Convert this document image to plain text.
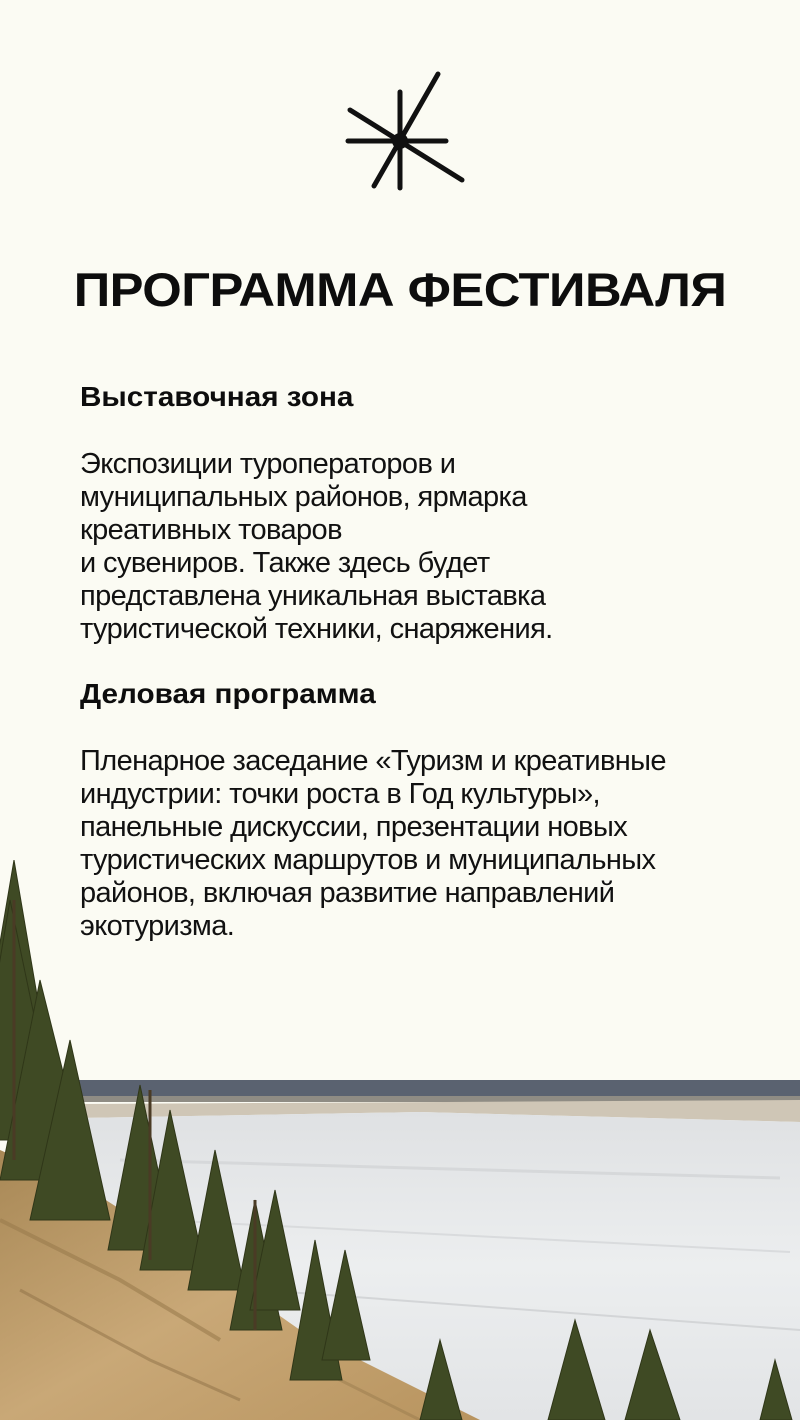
ПРОГРАММА ФЕСТИВАЛЯ
Выставочная зона

Экспозиции туроператоров и
муниципальных районов, ярмарка
креативных товаров
и сувениров. Также здесь будет
представлена уникальная выставка
туристической техники, снаряжения.

Деловая программа

Пленарное заседание «Туризм и креативные
индустрии: точки роста в Год культуры»,
панельные дискуссии, презентации новых
туристических маршрутов и муниципальных
районов, включая развитие направлений
экотуризма.
